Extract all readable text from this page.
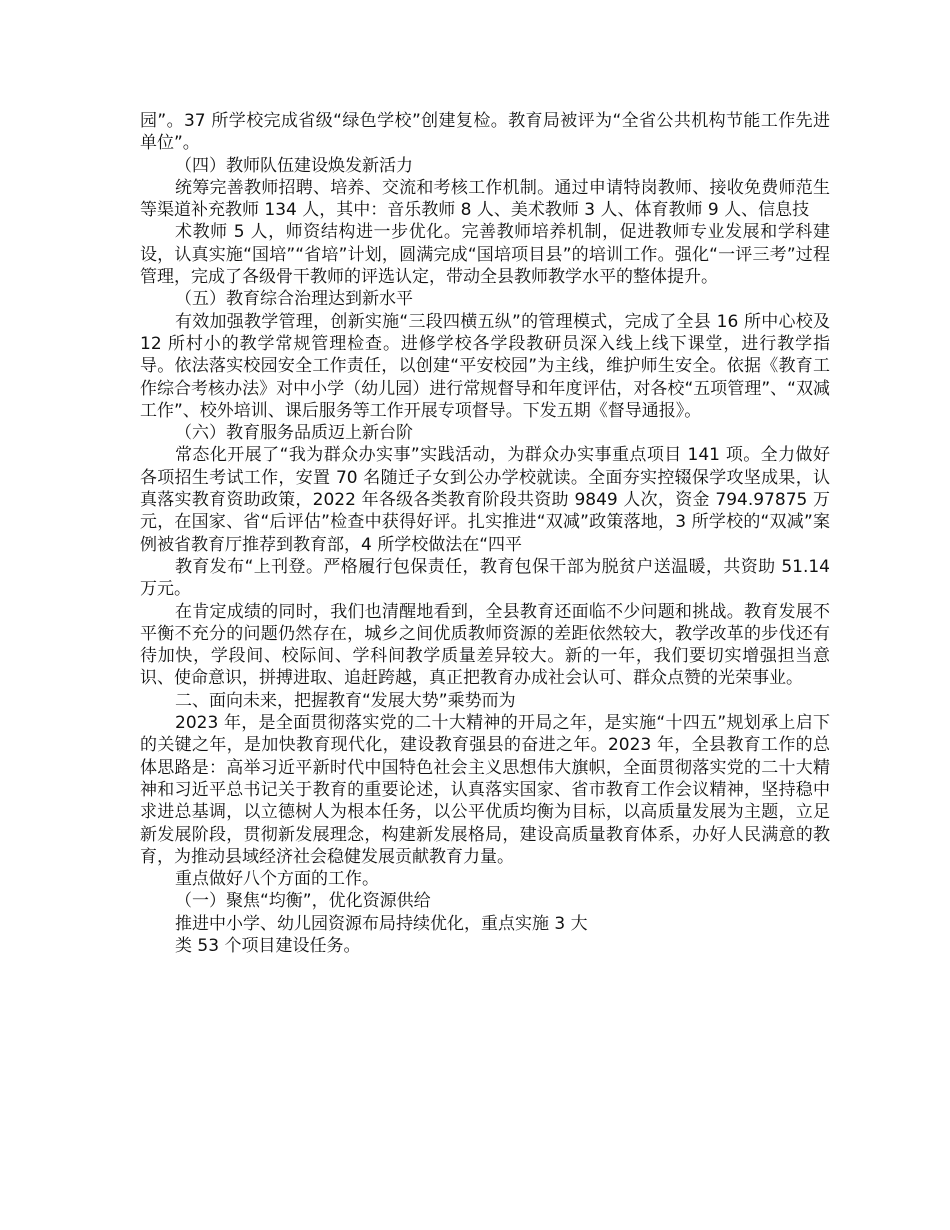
园”。37 所学校完成省级“绿色学校”创建复检。教育局被评为“全省公共机构节能工作先进单位”。

（四）教师队伍建设焕发新活力

统筹完善教师招聘、培养、交流和考核工作机制。通过申请特岗教师、接收免费师范生等渠道补充教师 134 人，其中：音乐教师 8 人、美术教师 3 人、体育教师 9 人、信息技

术教师 5 人，师资结构进一步优化。完善教师培养机制，促进教师专业发展和学科建设，认真实施“国培”“省培”计划，圆满完成“国培项目县”的培训工作。强化“一评三考”过程管理，完成了各级骨干教师的评选认定，带动全县教师教学水平的整体提升。

（五）教育综合治理达到新水平

有效加强教学管理，创新实施“三段四横五纵”的管理模式，完成了全县 16 所中心校及 12 所村小的教学常规管理检查。进修学校各学段教研员深入线上线下课堂，进行教学指导。依法落实校园安全工作责任，以创建“平安校园”为主线，维护师生安全。依据《教育工作综合考核办法》对中小学（幼儿园）进行常规督导和年度评估，对各校“五项管理”、“双减工作”、校外培训、课后服务等工作开展专项督导。下发五期《督导通报》。

（六）教育服务品质迈上新台阶

常态化开展了“我为群众办实事”实践活动，为群众办实事重点项目 141 项。全力做好各项招生考试工作，安置 70 名随迁子女到公办学校就读。全面夯实控辍保学攻坚成果，认真落实教育资助政策，2022 年各级各类教育阶段共资助 9849 人次，资金 794.97875 万元，在国家、省“后评估”检查中获得好评。扎实推进“双减”政策落地，3 所学校的“双减”案例被省教育厅推荐到教育部，4 所学校做法在“四平

教育发布“上刊登。严格履行包保责任，教育包保干部为脱贫户送温暖，共资助 51.14 万元。

在肯定成绩的同时，我们也清醒地看到，全县教育还面临不少问题和挑战。教育发展不平衡不充分的问题仍然存在，城乡之间优质教师资源的差距依然较大，教学改革的步伐还有待加快，学段间、校际间、学科间教学质量差异较大。新的一年，我们要切实增强担当意识、使命意识，拼搏进取、追赶跨越，真正把教育办成社会认可、群众点赞的光荣事业。

二、面向未来，把握教育“发展大势”乘势而为

2023 年，是全面贯彻落实党的二十大精神的开局之年，是实施“十四五”规划承上启下的关键之年，是加快教育现代化，建设教育强县的奋进之年。2023 年，全县教育工作的总体思路是：高举习近平新时代中国特色社会主义思想伟大旗帜，全面贯彻落实党的二十大精神和习近平总书记关于教育的重要论述，认真落实国家、省市教育工作会议精神，坚持稳中求进总基调，以立德树人为根本任务，以公平优质均衡为目标，以高质量发展为主题，立足新发展阶段，贯彻新发展理念，构建新发展格局，建设高质量教育体系，办好人民满意的教育，为推动县域经济社会稳健发展贡献教育力量。

重点做好八个方面的工作。

（一）聚焦“均衡”，优化资源供给

推进中小学、幼儿园资源布局持续优化，重点实施 3 大

类 53 个项目建设任务。
